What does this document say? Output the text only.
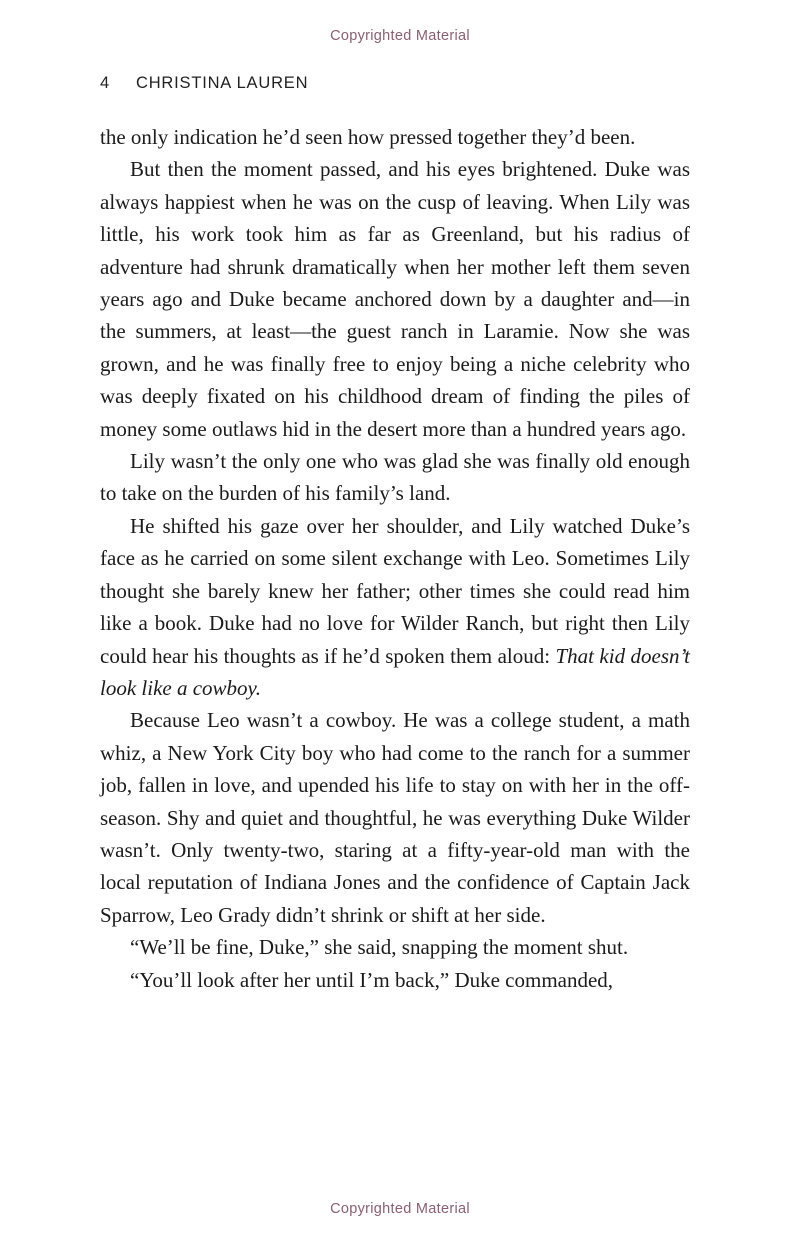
Copyrighted Material
4 CHRISTINA LAUREN

the only indication he’d seen how pressed together they’d been.

But then the moment passed, and his eyes brightened. Duke was always happiest when he was on the cusp of leaving. When Lily was little, his work took him as far as Greenland, but his radius of adventure had shrunk dramatically when her mother left them seven years ago and Duke became anchored down by a daughter and—in the summers, at least—the guest ranch in Laramie. Now she was grown, and he was finally free to enjoy being a niche celebrity who was deeply fixated on his childhood dream of finding the piles of money some outlaws hid in the desert more than a hundred years ago.

Lily wasn’t the only one who was glad she was finally old enough to take on the burden of his family’s land.

He shifted his gaze over her shoulder, and Lily watched Duke’s face as he carried on some silent exchange with Leo. Sometimes Lily thought she barely knew her father; other times she could read him like a book. Duke had no love for Wilder Ranch, but right then Lily could hear his thoughts as if he’d spoken them aloud: That kid doesn’t look like a cowboy.

Because Leo wasn’t a cowboy. He was a college student, a math whiz, a New York City boy who had come to the ranch for a summer job, fallen in love, and upended his life to stay on with her in the off-season. Shy and quiet and thoughtful, he was everything Duke Wilder wasn’t. Only twenty-two, staring at a fifty-year-old man with the local reputation of Indiana Jones and the confidence of Captain Jack Sparrow, Leo Grady didn’t shrink or shift at her side.

“We’ll be fine, Duke,” she said, snapping the moment shut.

“You’ll look after her until I’m back,” Duke commanded,

Copyrighted Material
